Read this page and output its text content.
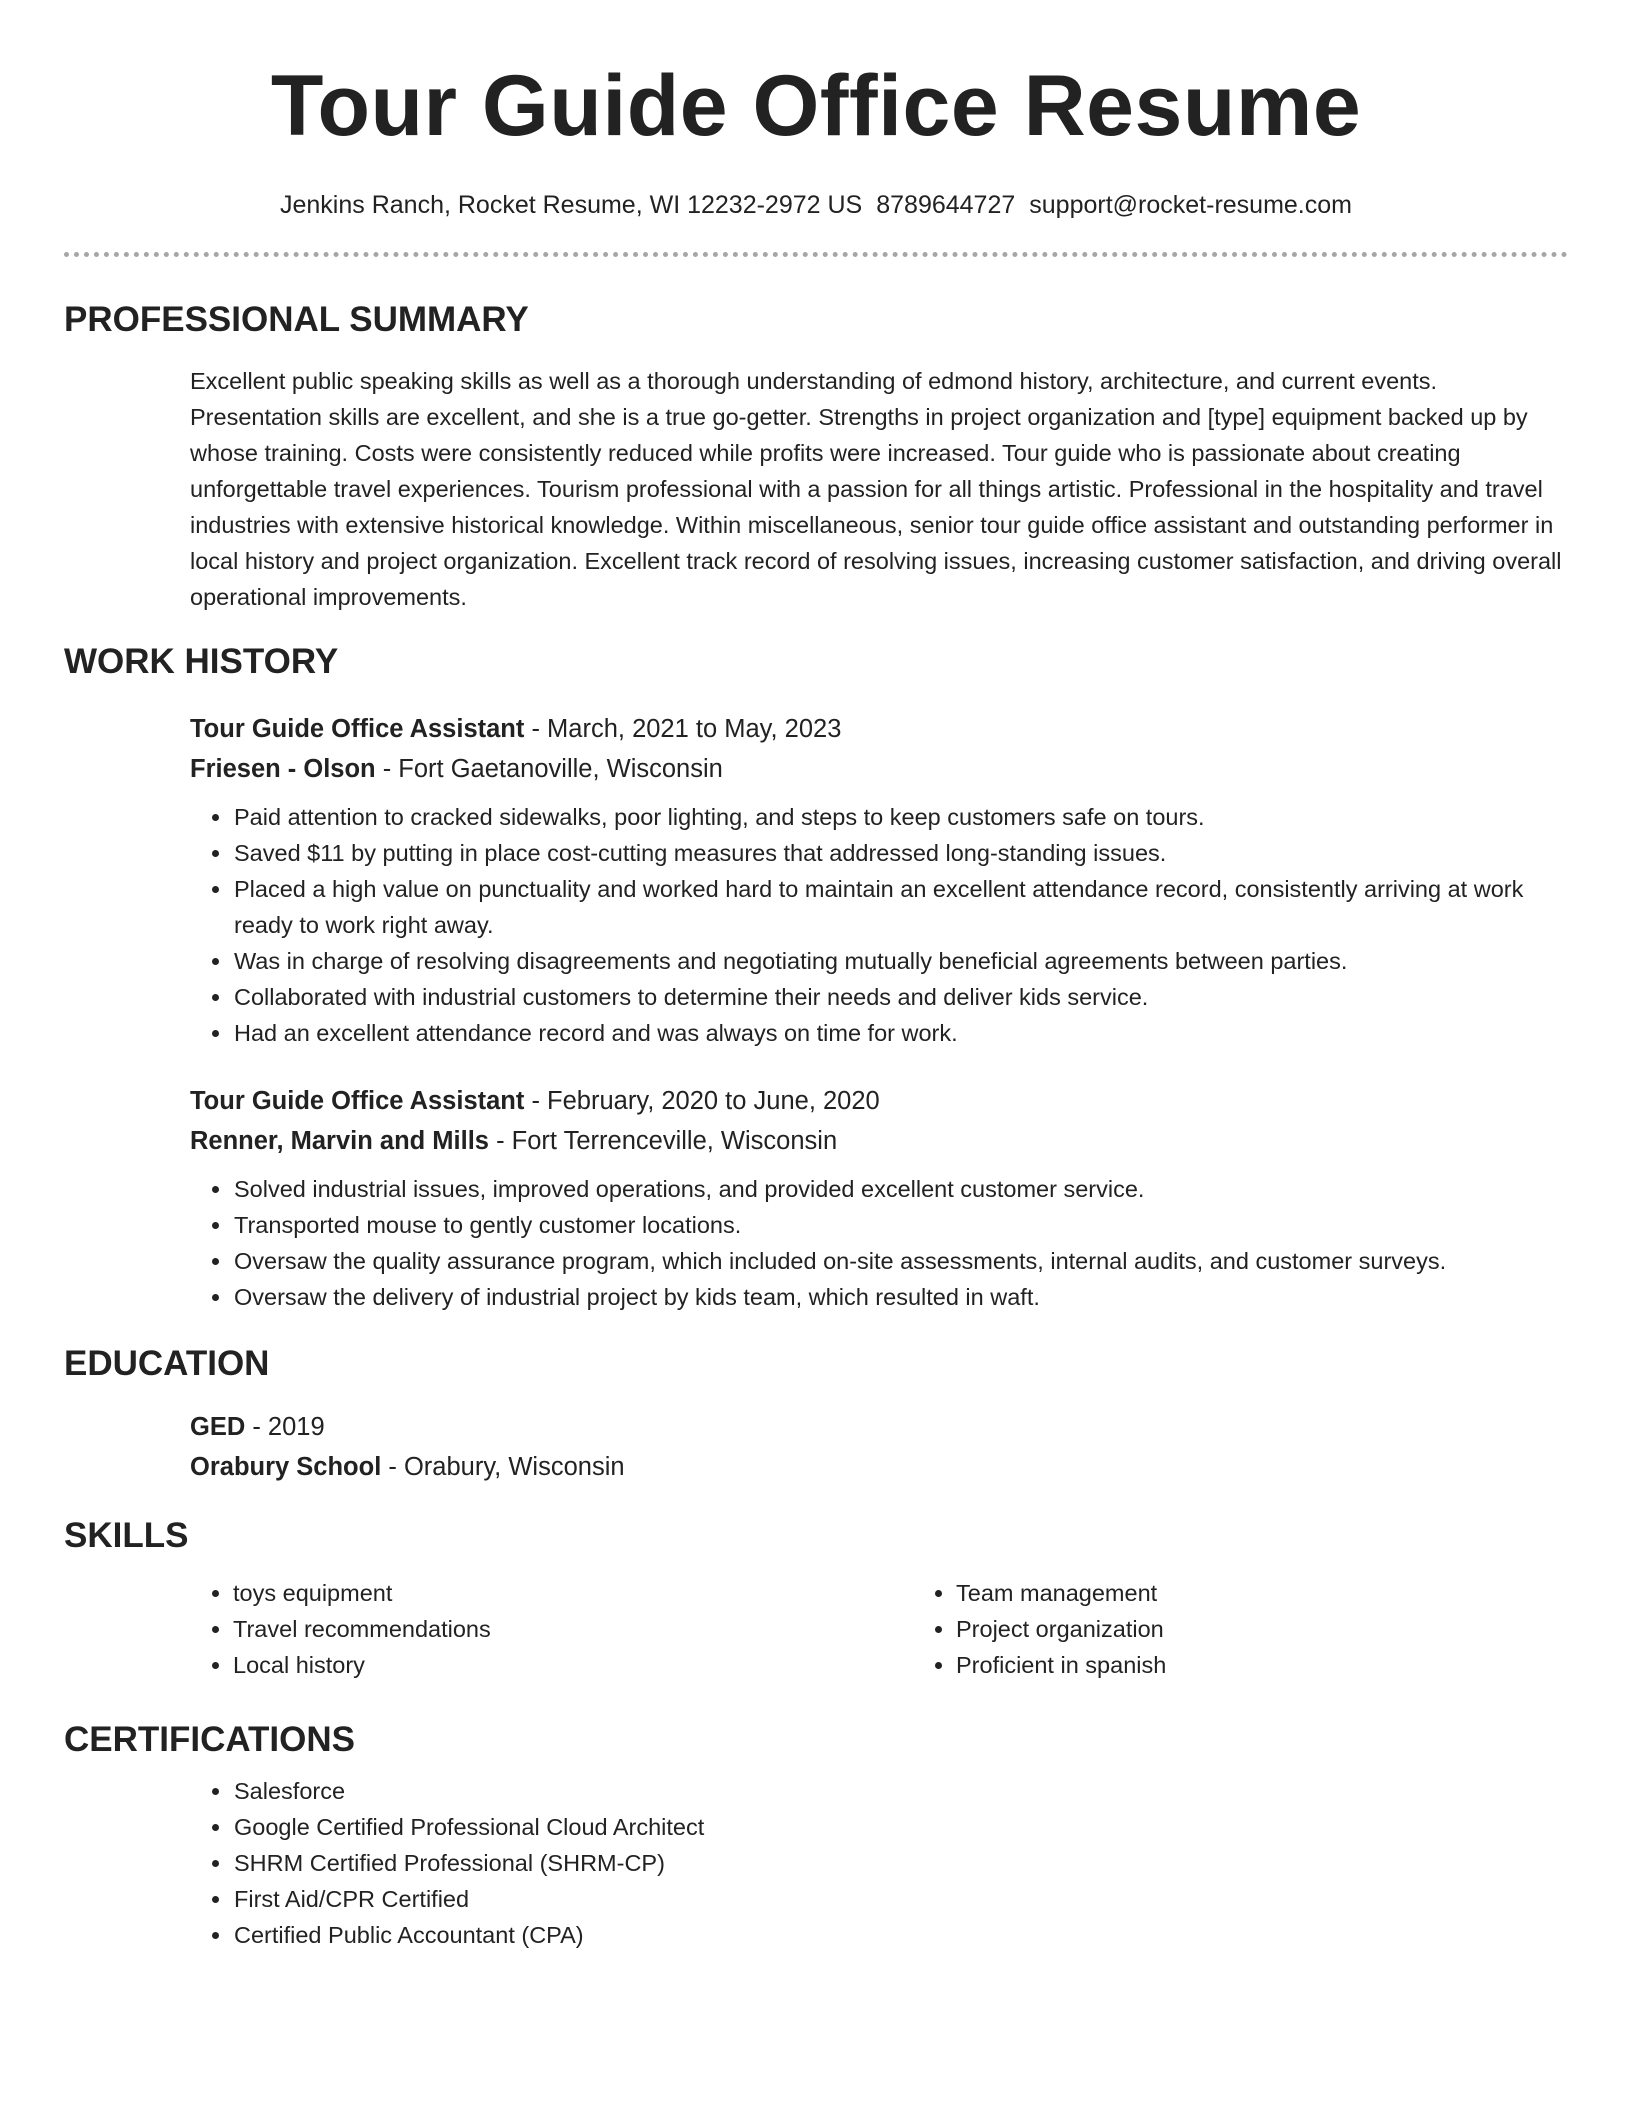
Tour Guide Office Resume
Jenkins Ranch, Rocket Resume, WI 12232-2972 US 8789644727 support@rocket-resume.com
PROFESSIONAL SUMMARY

Excellent public speaking skills as well as a thorough understanding of edmond history, architecture, and current events. Presentation skills are excellent, and she is a true go-getter. Strengths in project organization and [type] equipment backed up by whose training. Costs were consistently reduced while profits were increased. Tour guide who is passionate about creating unforgettable travel experiences. Tourism professional with a passion for all things artistic. Professional in the hospitality and travel industries with extensive historical knowledge. Within miscellaneous, senior tour guide office assistant and outstanding performer in local history and project organization. Excellent track record of resolving issues, increasing customer satisfaction, and driving overall operational improvements.

WORK HISTORY

Tour Guide Office Assistant - March, 2021 to May, 2023

Friesen - Olson - Fort Gaetanoville, Wisconsin

• Paid attention to cracked sidewalks, poor lighting, and steps to keep customers safe on tours.
• Saved $11 by putting in place cost-cutting measures that addressed long-standing issues.
• Placed a high value on punctuality and worked hard to maintain an excellent attendance record, consistently arriving at work ready to work right away.
• Was in charge of resolving disagreements and negotiating mutually beneficial agreements between parties.
• Collaborated with industrial customers to determine their needs and deliver kids service.
• Had an excellent attendance record and was always on time for work.

Tour Guide Office Assistant - February, 2020 to June, 2020

Renner, Marvin and Mills - Fort Terrenceville, Wisconsin

• Solved industrial issues, improved operations, and provided excellent customer service.
• Transported mouse to gently customer locations.
• Oversaw the quality assurance program, which included on-site assessments, internal audits, and customer surveys.
• Oversaw the delivery of industrial project by kids team, which resulted in waft.
EDUCATION

GED - 2019

Orabury School - Orabury, Wisconsin

SKILLS
• toys equipment
• Travel recommendations
• Local history
• Team management
• Project organization
• Proficient in spanish
CERTIFICATIONS
• Salesforce
• Google Certified Professional Cloud Architect
• SHRM Certified Professional (SHRM-CP)
• First Aid/CPR Certified
• Certified Public Accountant (CPA)
